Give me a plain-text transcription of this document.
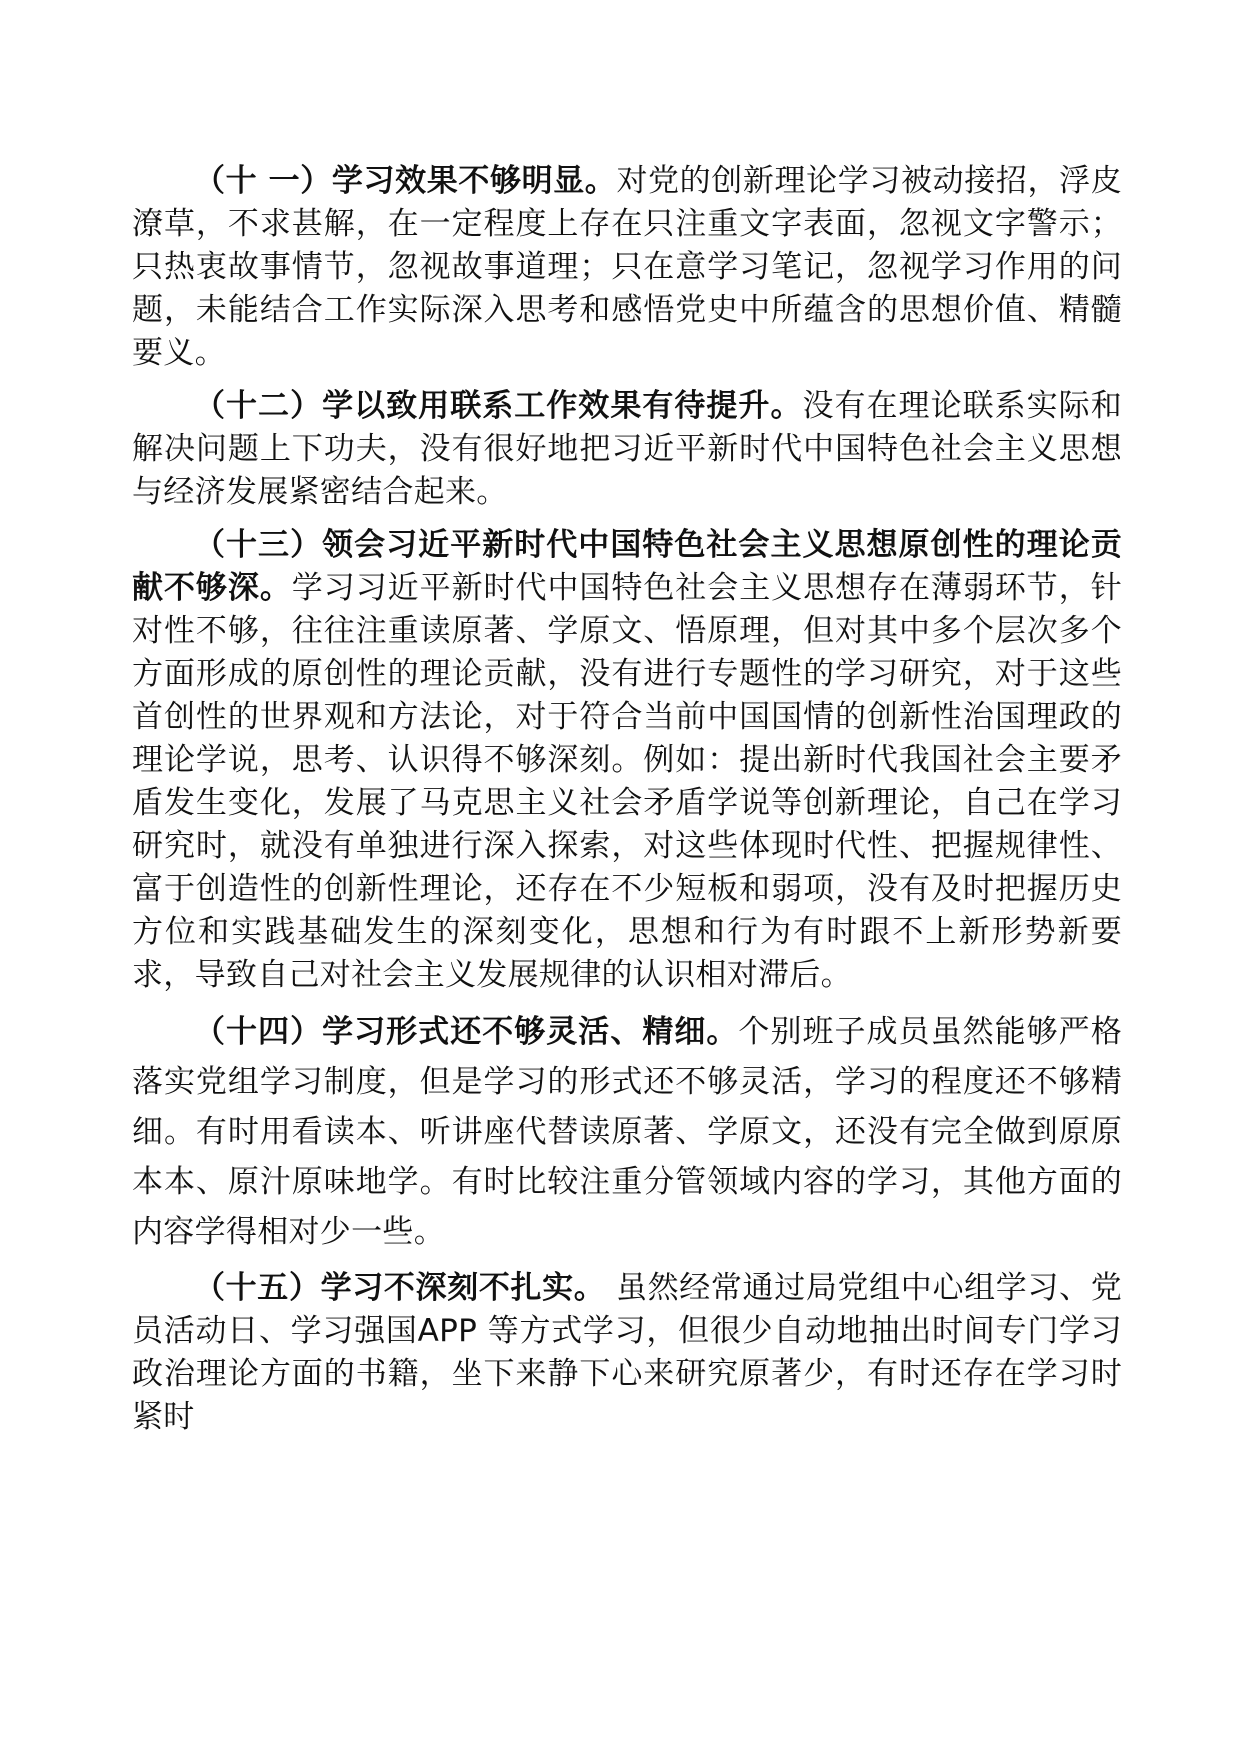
（十 一）学习效果不够明显。对党的创新理论学习被动接招，浮皮潦草，不求甚解，在一定程度上存在只注重文字表面，忽视文字警示；只热衷故事情节，忽视故事道理；只在意学习笔记，忽视学习作用的问题，未能结合工作实际深入思考和感悟党史中所蕴含的思想价值、精髓要义。

（十二）学以致用联系工作效果有待提升。没有在理论联系实际和解决问题上下功夫，没有很好地把习近平新时代中国特色社会主义思想与经济发展紧密结合起来。

（十三）领会习近平新时代中国特色社会主义思想原创性的理论贡献不够深。学习习近平新时代中国特色社会主义思想存在薄弱环节，针对性不够，往往注重读原著、学原文、悟原理，但对其中多个层次多个方面形成的原创性的理论贡献，没有进行专题性的学习研究，对于这些首创性的世界观和方法论，对于符合当前中国国情的创新性治国理政的理论学说，思考、认识得不够深刻。例如：提出新时代我国社会主要矛盾发生变化，发展了马克思主义社会矛盾学说等创新理论，自己在学习研究时，就没有单独进行深入探索，对这些体现时代性、把握规律性、富于创造性的创新性理论，还存在不少短板和弱项，没有及时把握历史方位和实践基础发生的深刻变化，思想和行为有时跟不上新形势新要求，导致自己对社会主义发展规律的认识相对滞后。

（十四）学习形式还不够灵活、精细。个别班子成员虽然能够严格落实党组学习制度，但是学习的形式还不够灵活，学习的程度还不够精细。有时用看读本、听讲座代替读原著、学原文，还没有完全做到原原本本、原汁原味地学。有时比较注重分管领域内容的学习，其他方面的内容学得相对少一些。

（十五）学习不深刻不扎实。 虽然经常通过局党组中心组学习、党员活动日、学习强国APP 等方式学习，但很少自动地抽出时间专门学习政治理论方面的书籍，坐下来静下心来研究原著少，有时还存在学习时紧时
